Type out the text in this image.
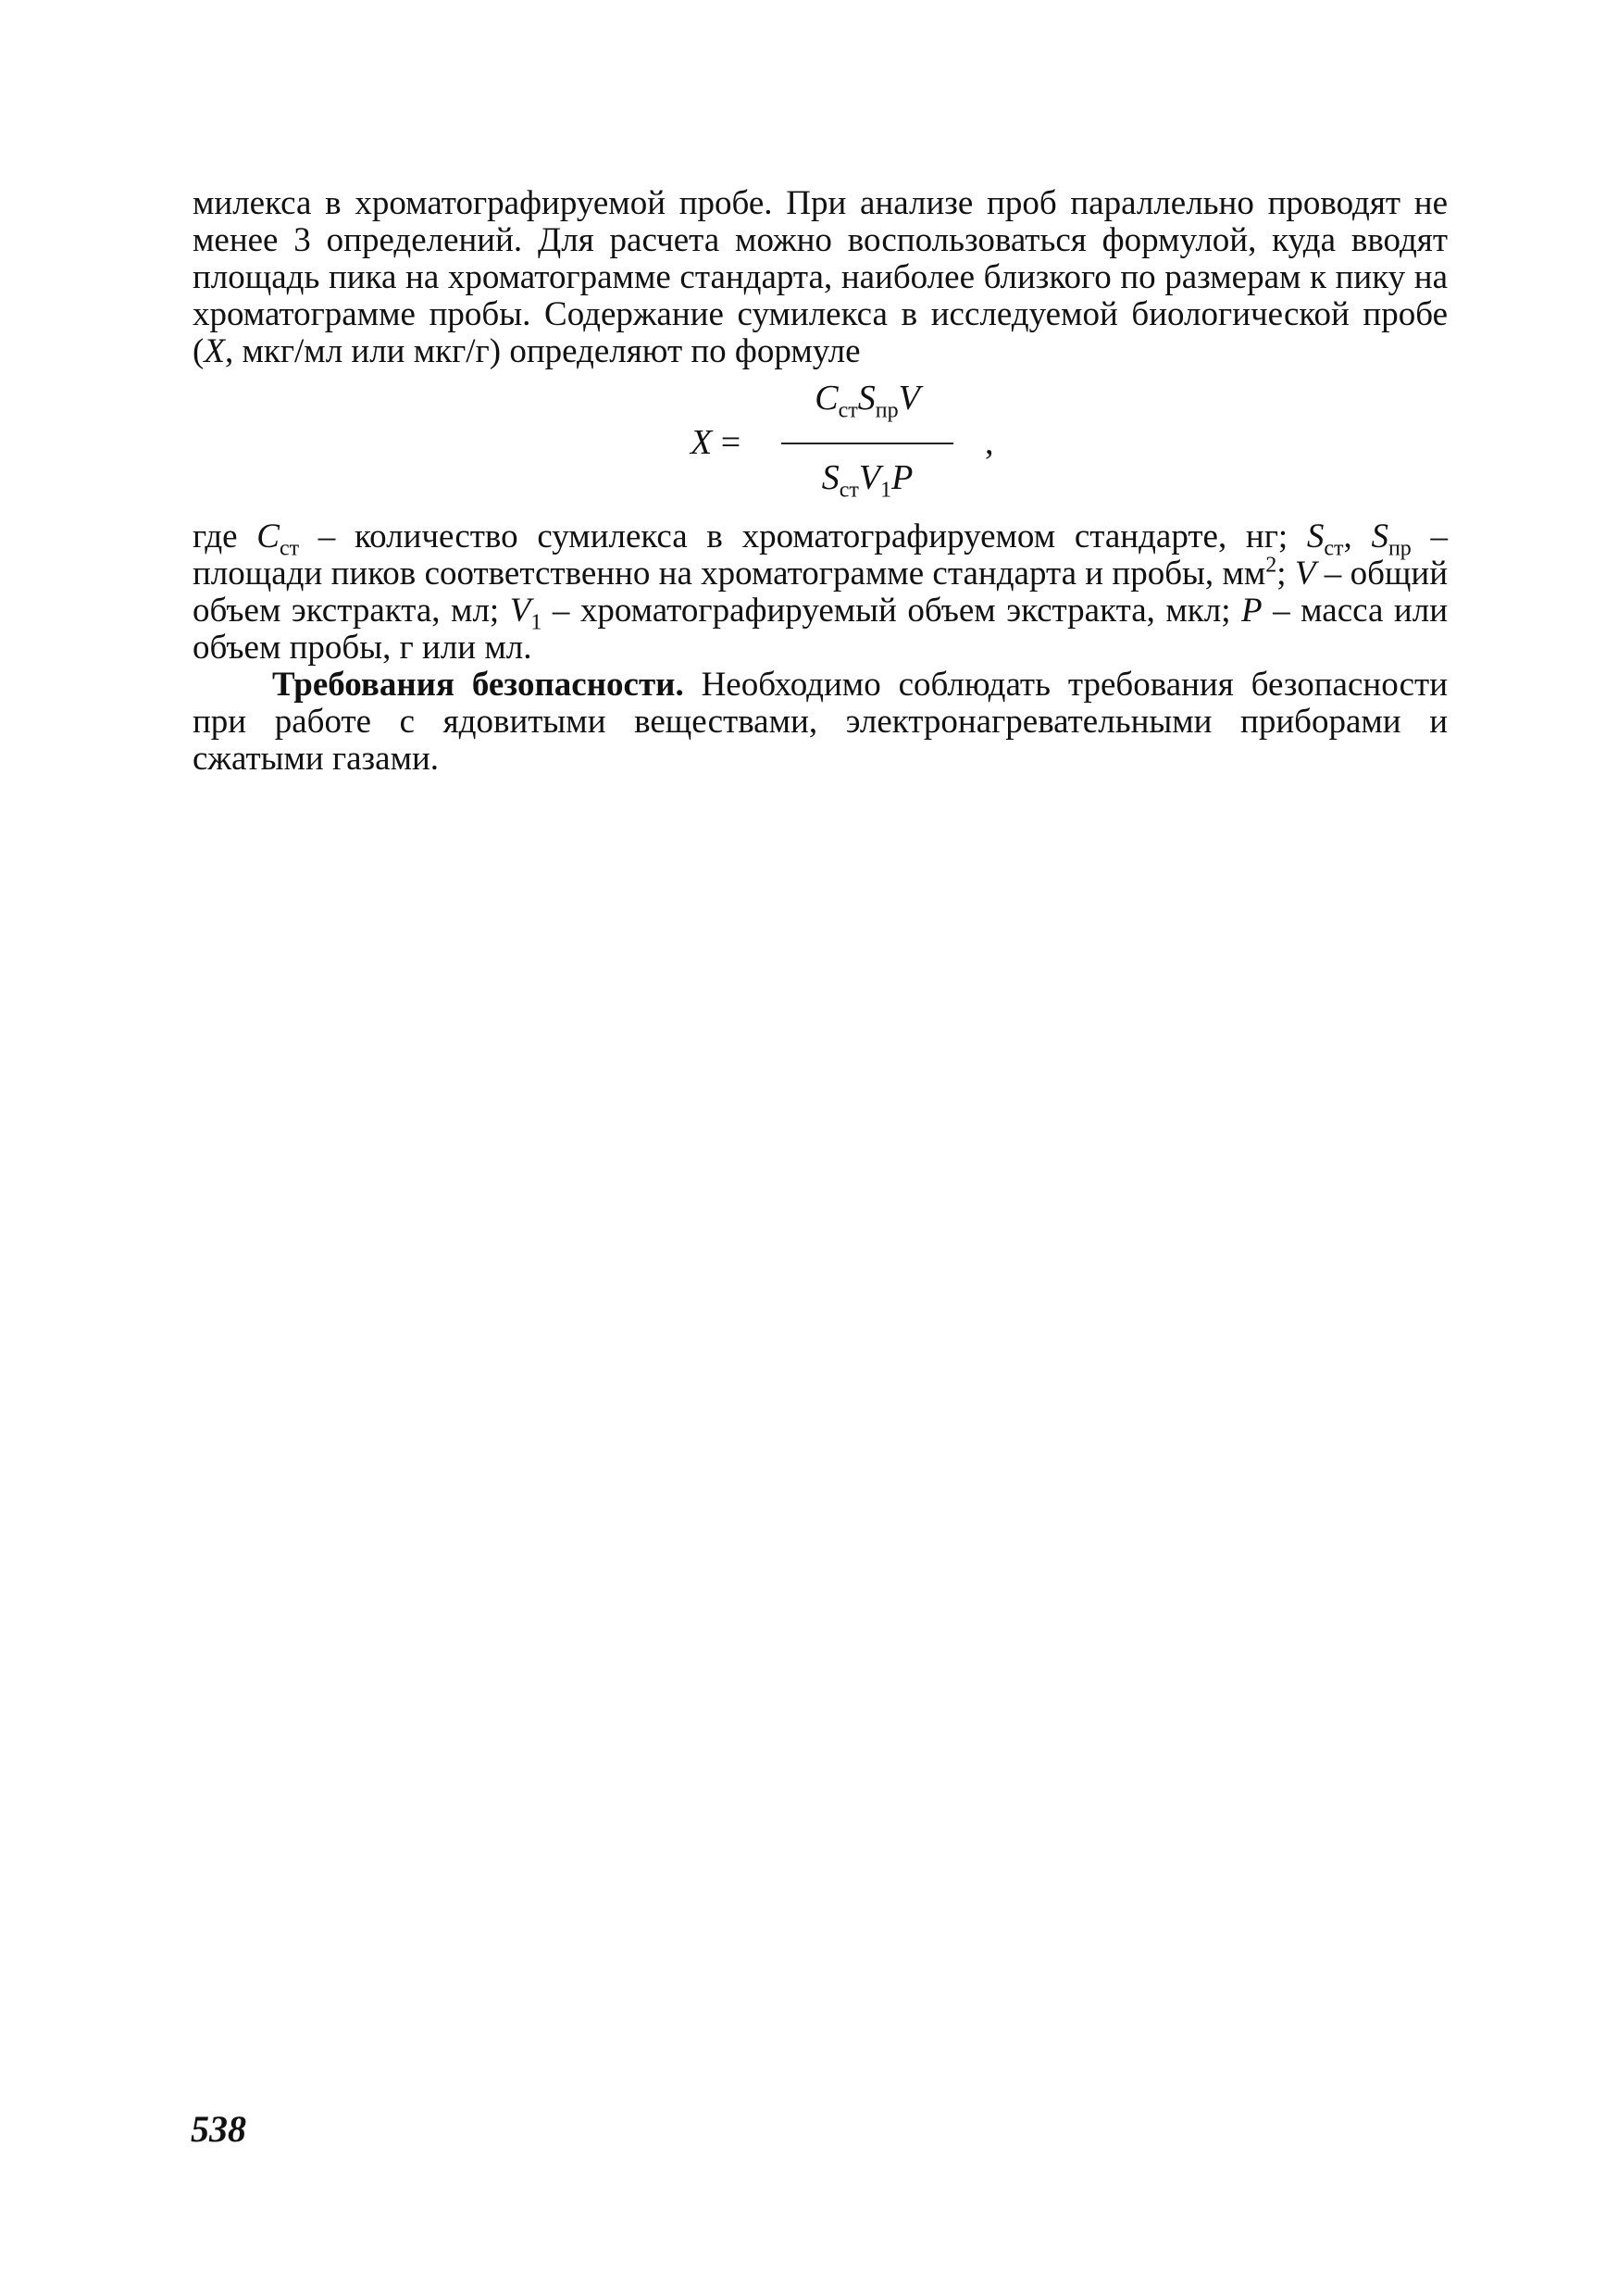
милекса в хроматографируемой пробе. При анализе проб параллельно проводят не менее 3 определений. Для расчета можно воспользоваться формулой, куда вводят площадь пика на хроматограмме стандарта, наиболее близкого по размерам к пику на хроматограмме пробы. Содержание сумилекса в исследуемой биологической пробе (X, мкг/мл или мкг/г) определяют по формуле

X =
$C_{ст}S_{пр}V$
$S_{ст}V_1P$
,

где $C_{ст}$ – количество сумилекса в хроматографируемом стандарте, нг; $S_{ст}$, $S_{пр}$ – площади пиков соответственно на хроматограмме стандарта и пробы, $мм^2$; V – общий объем экстракта, мл; $V_1$ – хроматографируемый объем экстракта, мкл; P – масса или объем пробы, г или мл.

Требования безопасности. Необходимо соблюдать требования безопасности при работе с ядовитыми веществами, электронагревательными приборами и сжатыми газами.

538
